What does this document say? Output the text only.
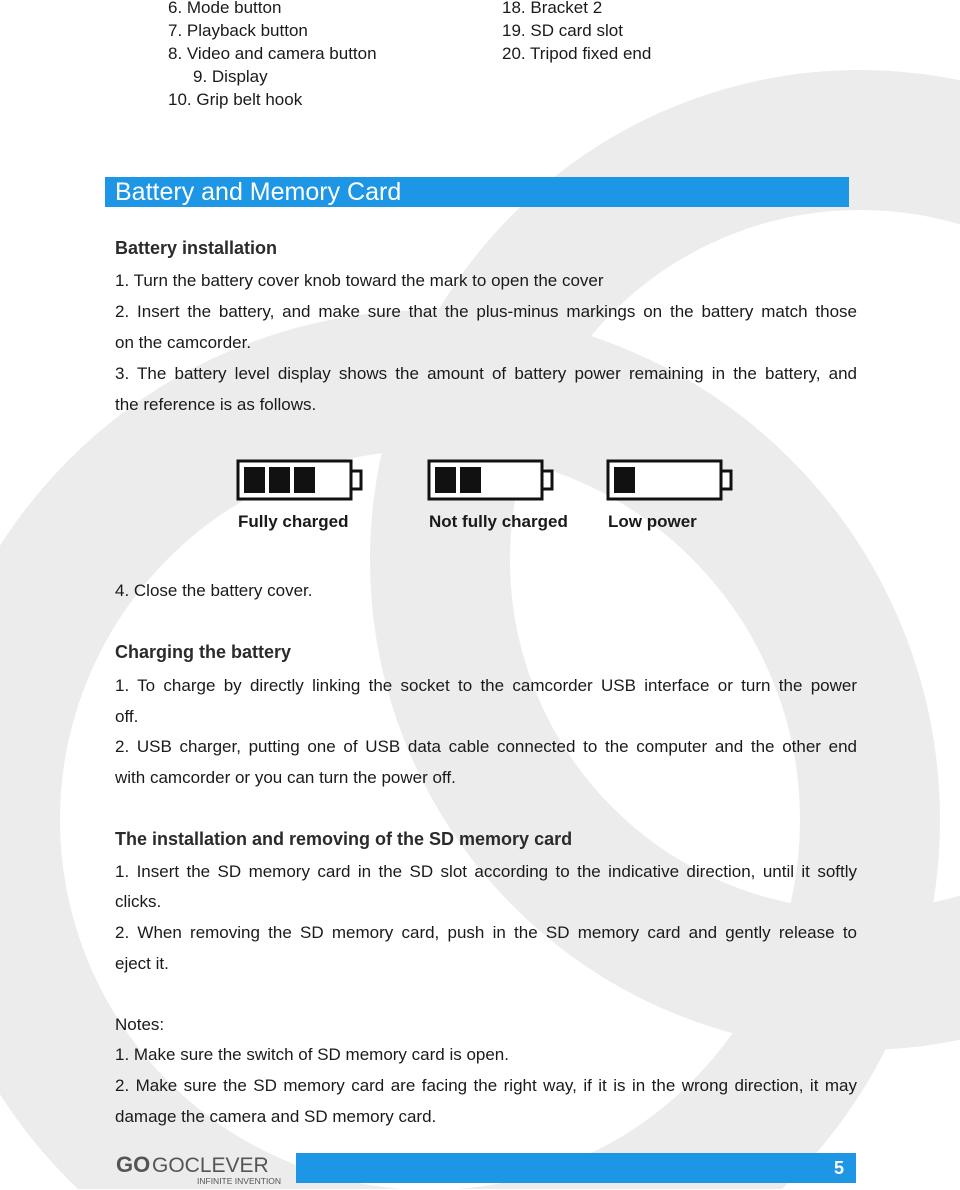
6. Mode button
7. Playback button
8. Video and camera button
9. Display
10. Grip belt hook
18. Bracket 2
19. SD card slot
20. Tripod fixed end
Battery and Memory Card
Battery installation
1. Turn the battery cover knob toward the mark to open the cover
2. Insert the battery, and make sure that the plus-minus markings on the battery match those
on the camcorder.
3. The battery level display shows the amount of battery power remaining in the battery, and
the reference is as follows.
Fully charged	Not fully charged Low power
4. Close the battery cover.
Charging the battery
1. To charge by directly linking the socket to the camcorder USB interface or turn the power
off.
2. USB charger, putting one of USB data cable connected to the computer and the other end
with camcorder or you can turn the power off.
The installation and removing of the SD memory card
1. Insert the SD memory card in the SD slot according to the indicative direction, until it softly
clicks.
2. When removing the SD memory card, push in the SD memory card and gently release to
eject it.
Notes:
1. Make sure the switch of SD memory card is open.
2. Make sure the SD memory card are facing the right way, if it is in the wrong direction, it may
damage the camera and SD memory card.
GO GOCLEVER
INFINITE INVENTION
5
